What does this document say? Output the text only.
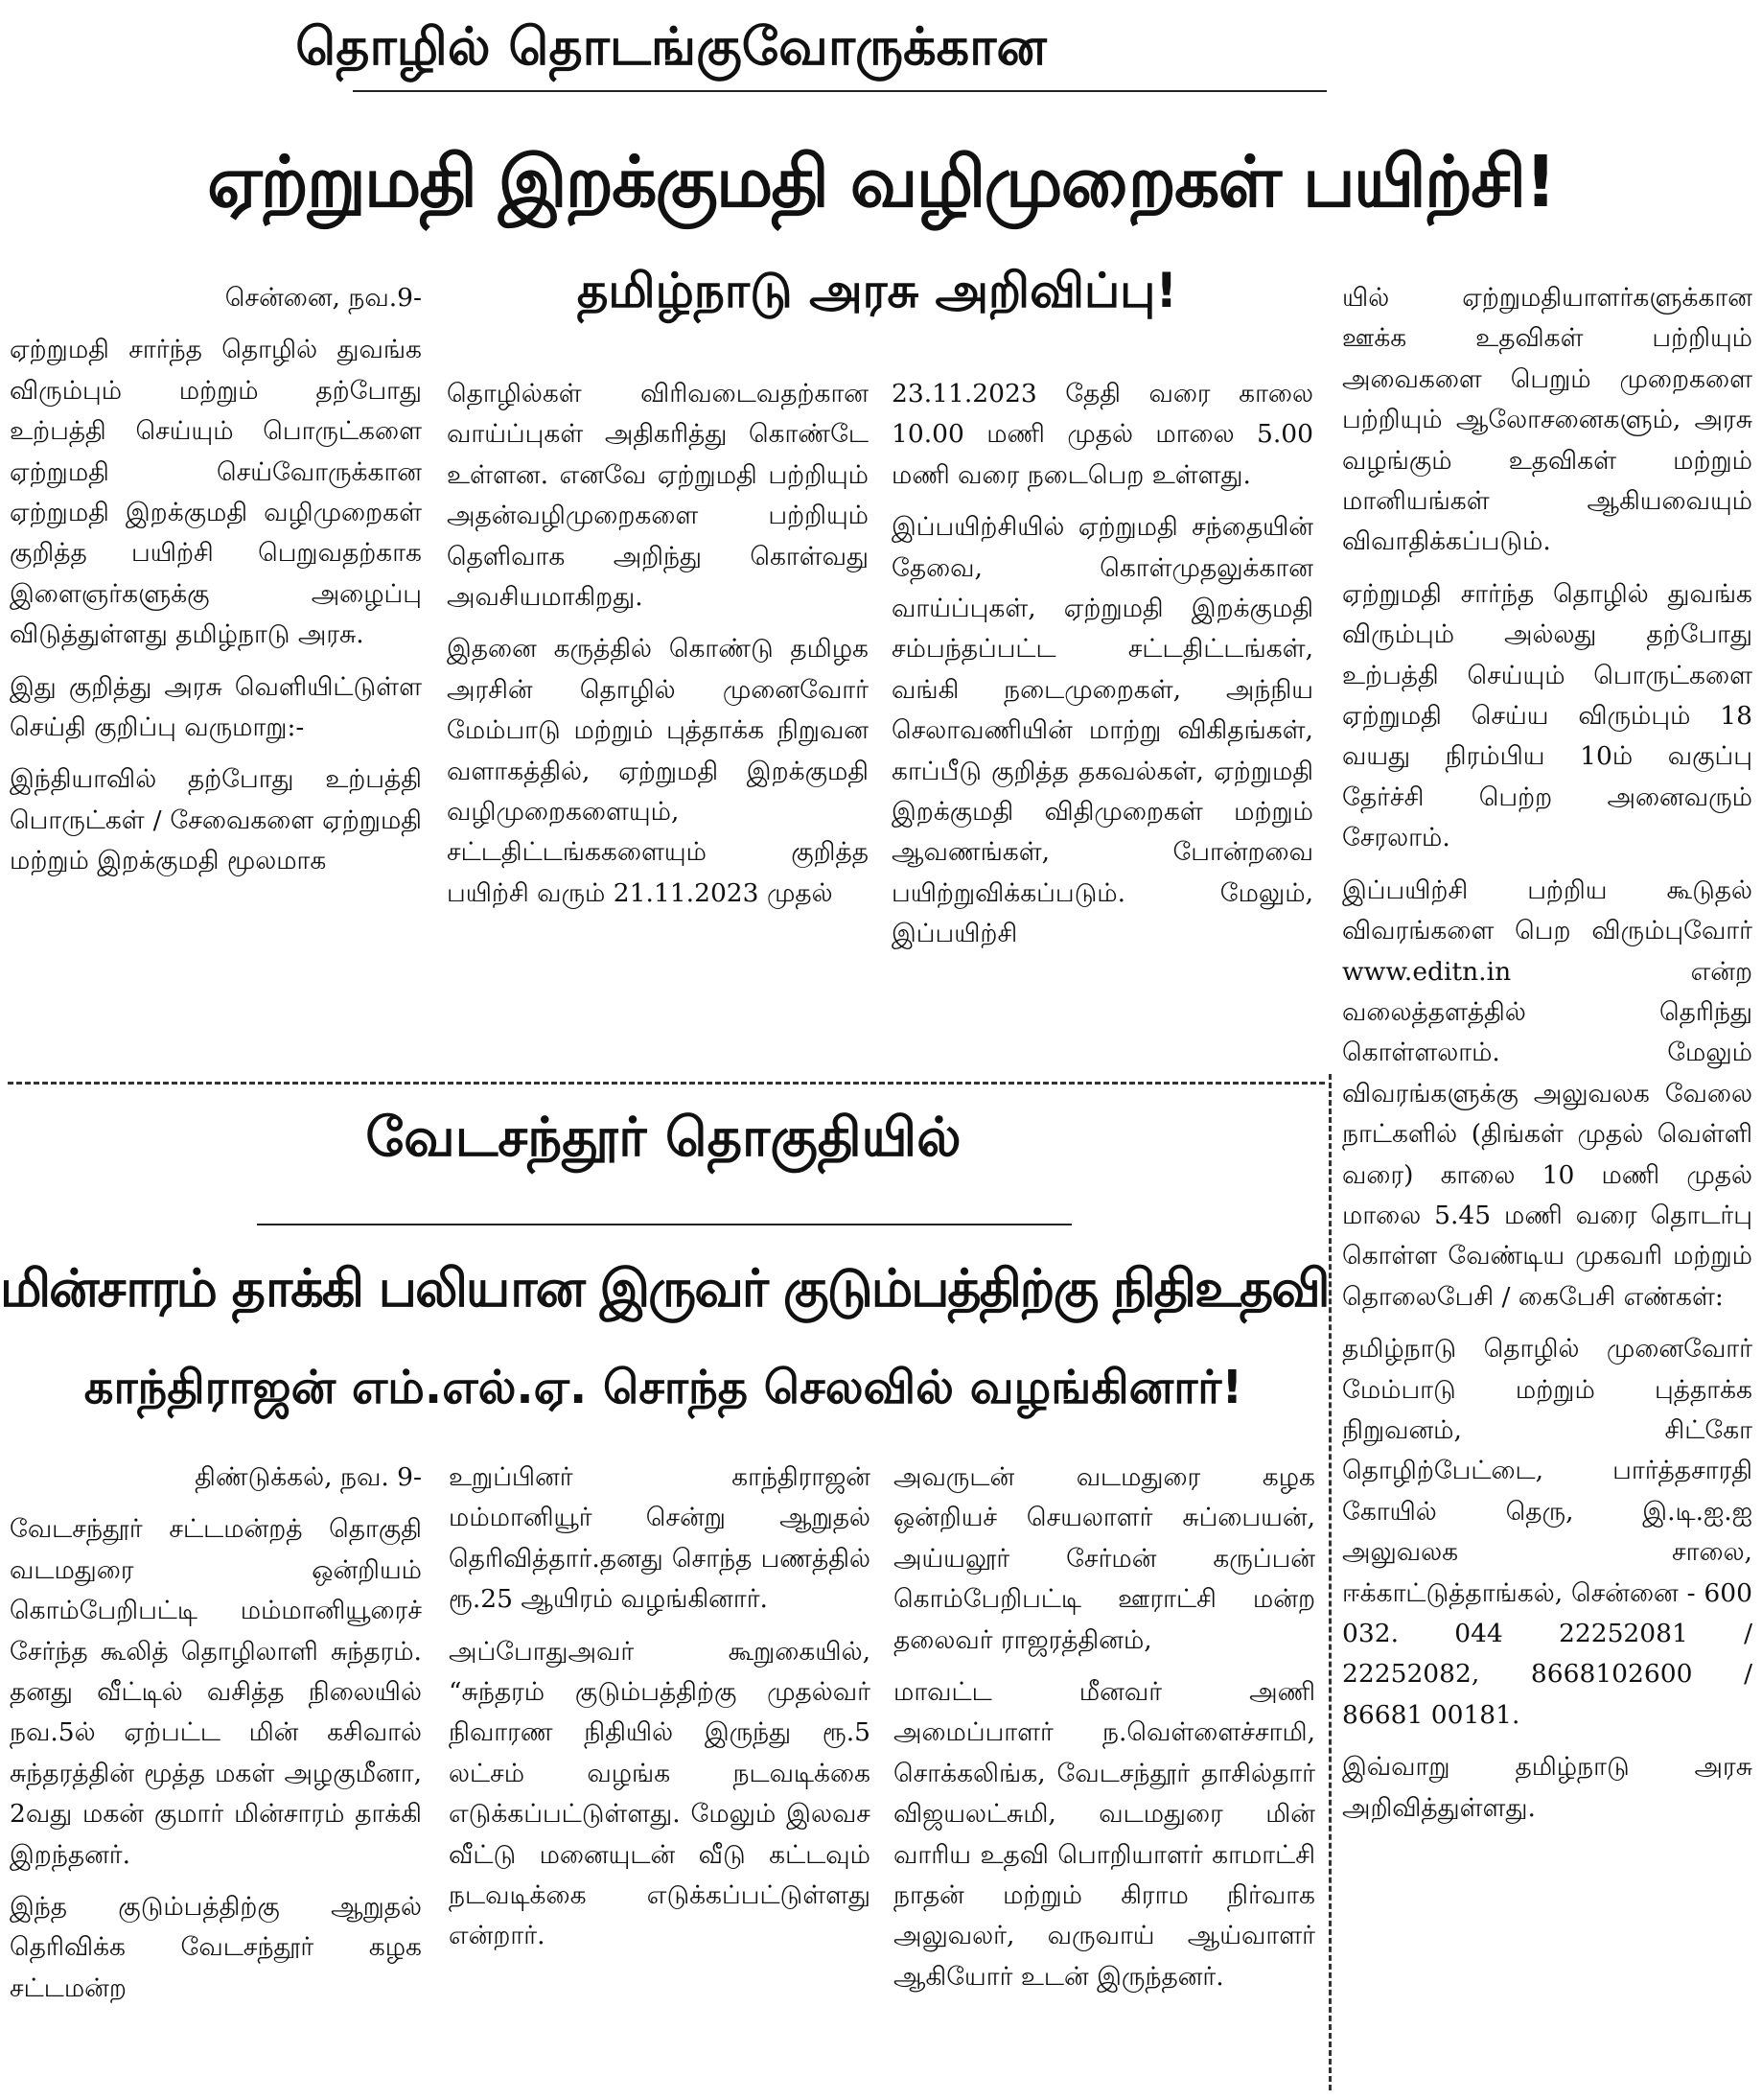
தொழில் தொடங்குவோருக்கான
ஏற்றுமதி இறக்குமதி வழிமுறைகள் பயிற்சி!
தமிழ்நாடு அரசு அறிவிப்பு!

சென்னை, நவ.9-

ஏற்றுமதி சார்ந்த தொழில் துவங்க விரும்பும் மற்றும் தற்போது உற்பத்தி செய்யும் பொருட்களை ஏற்றுமதி செய்வோருக்கான ஏற்றுமதி இறக்குமதி வழிமுறைகள் குறித்த பயிற்சி பெறுவதற்காக இளைஞர்களுக்கு அழைப்பு விடுத்துள்ளது தமிழ்நாடு அரசு.

இது குறித்து அரசு வெளியிட்டுள்ள செய்தி குறிப்பு வருமாறு:-

இந்தியாவில் தற்போது உற்பத்தி பொருட்கள் / சேவைகளை ஏற்றுமதி மற்றும் இறக்குமதி மூலமாக

தொழில்கள் விரிவடைவதற்கான வாய்ப்புகள் அதிகரித்து கொண்டே உள்ளன. எனவே ஏற்றுமதி பற்றியும் அதன்வழிமுறைகளை பற்றியும் தெளிவாக அறிந்து கொள்வது அவசியமாகிறது.

இதனை கருத்தில் கொண்டு தமிழக அரசின் தொழில் முனைவோர் மேம்பாடு மற்றும் புத்தாக்க நிறுவன வளாகத்தில், ஏற்றுமதி இறக்குமதி வழிமுறைகளையும், சட்டதிட்டங்ககளையும் குறித்த பயிற்சி வரும் 21.11.2023 முதல்

23.11.2023 தேதி வரை காலை 10.00 மணி முதல் மாலை 5.00 மணி வரை நடைபெற உள்ளது.

இப்பயிற்சியில் ஏற்றுமதி சந்தையின் தேவை, கொள்முதலுக்கான வாய்ப்புகள், ஏற்றுமதி இறக்குமதி சம்பந்தப்பட்ட சட்டதிட்டங்கள், வங்கி நடைமுறைகள், அந்நிய செலாவணியின் மாற்று விகிதங்கள், காப்பீடு குறித்த தகவல்கள், ஏற்றுமதி இறக்குமதி விதிமுறைகள் மற்றும் ஆவணங்கள், போன்றவை பயிற்றுவிக்கப்படும். மேலும், இப்பயிற்சி

யில் ஏற்றுமதியாளர்களுக்கான ஊக்க உதவிகள் பற்றியும் அவைகளை பெறும் முறைகளை பற்றியும் ஆலோசனைகளும், அரசு வழங்கும் உதவிகள் மற்றும் மானியங்கள் ஆகியவையும் விவாதிக்கப்படும்.

ஏற்றுமதி சார்ந்த தொழில் துவங்க விரும்பும் அல்லது தற்போது உற்பத்தி செய்யும் பொருட்களை ஏற்றுமதி செய்ய விரும்பும் 18 வயது நிரம்பிய 10ம் வகுப்பு தேர்ச்சி பெற்ற அனைவரும் சேரலாம்.

இப்பயிற்சி பற்றிய கூடுதல் விவரங்களை பெற விரும்புவோர் www.editn.in என்ற வலைத்தளத்தில் தெரிந்து கொள்ளலாம். மேலும் விவரங்களுக்கு அலுவலக வேலை நாட்களில் (திங்கள் முதல் வெள்ளி வரை) காலை 10 மணி முதல் மாலை 5.45 மணி வரை தொடர்பு கொள்ள வேண்டிய முகவரி மற்றும் தொலைபேசி / கைபேசி எண்கள்:

தமிழ்நாடு தொழில் முனைவோர் மேம்பாடு மற்றும் புத்தாக்க நிறுவனம், சிட்கோ தொழிற்பேட்டை, பார்த்தசாரதி கோயில் தெரு, இ.டி.ஐ.ஐ அலுவலக சாலை, ஈக்காட்டுத்தாங்கல், சென்னை - 600 032. 044 22252081 / 22252082, 8668102600 / 86681 00181.

இவ்வாறு தமிழ்நாடு அரசு அறிவித்துள்ளது.

வேடசந்தூர் தொகுதியில்
மின்சாரம் தாக்கி பலியான இருவர் குடும்பத்திற்கு நிதிஉதவி
காந்திராஜன் எம்.எல்.ஏ. சொந்த செலவில் வழங்கினார்!

திண்டுக்கல், நவ. 9-

வேடசந்தூர் சட்டமன்றத் தொகுதி வடமதுரை ஒன்றியம் கொம்பேறிபட்டி மம்மானியூரைச் சேர்ந்த கூலித் தொழிலாளி சுந்தரம். தனது வீட்டில் வசித்த நிலையில் நவ.5ல் ஏற்பட்ட மின் கசிவால் சுந்தரத்தின் மூத்த மகள் அழகுமீனா, 2வது மகன் குமார் மின்சாரம் தாக்கி இறந்தனர்.

இந்த குடும்பத்திற்கு ஆறுதல் தெரிவிக்க வேடசந்தூர் கழக சட்டமன்ற

உறுப்பினர் காந்திராஜன் மம்மானியூர் சென்று ஆறுதல் தெரிவித்தார்.தனது சொந்த பணத்தில் ரூ.25 ஆயிரம் வழங்கினார்.

அப்போதுஅவர் கூறுகையில், “சுந்தரம் குடும்பத்திற்கு முதல்வர் நிவாரண நிதியில் இருந்து ரூ.5 லட்சம் வழங்க நடவடிக்கை எடுக்கப்பட்டுள்ளது. மேலும் இலவச வீட்டு மனையுடன் வீடு கட்டவும் நடவடிக்கை எடுக்கப்பட்டுள்ளது என்றார்.

அவருடன் வடமதுரை கழக ஒன்றியச் செயலாளர் சுப்பையன், அய்யலூர் சேர்மன் கருப்பன் கொம்பேறிபட்டி ஊராட்சி மன்ற தலைவர் ராஜரத்தினம்,

மாவட்ட மீனவர் அணி அமைப்பாளர் ந.வெள்ளைச்சாமி, சொக்கலிங்க, வேடசந்தூர் தாசில்தார் விஜயலட்சுமி, வடமதுரை மின் வாரிய உதவி பொறியாளர் காமாட்சி நாதன் மற்றும் கிராம நிர்வாக அலுவலர், வருவாய் ஆய்வாளர் ஆகியோர் உடன் இருந்தனர்.
